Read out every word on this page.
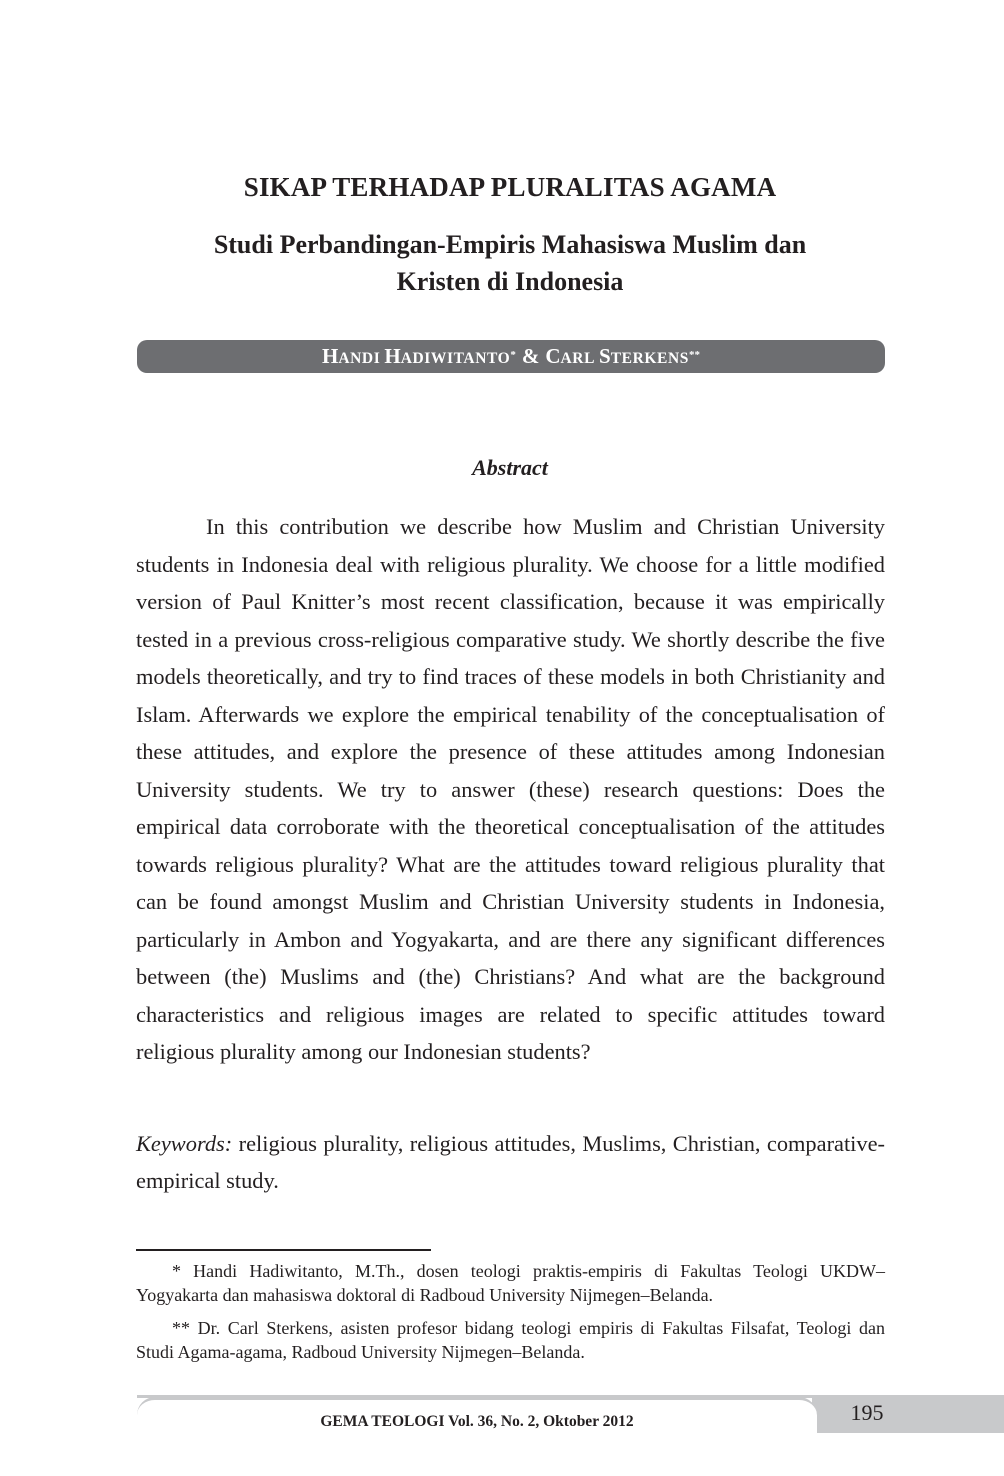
SIKAP TERHADAP PLURALITAS AGAMA
Studi Perbandingan-Empiris Mahasiswa Muslim dan
Kristen di Indonesia
HANDI HADIWITANTO* & CARL STERKENS**
Abstract

In this contribution we describe how Muslim and Christian University students in Indonesia deal with religious plurality. We choose for a little modified version of Paul Knitter’s most recent classification, because it was empirically tested in a previous cross-religious comparative study. We shortly describe the five models theoretically, and try to find traces of these models in both Christianity and Islam. Afterwards we explore the empirical tenability of the conceptualisation of these attitudes, and explore the presence of these attitudes among Indonesian University students. We try to answer (these) research questions: Does the empirical data corroborate with the theoretical conceptualisation of the attitudes towards religious plurality? What are the attitudes toward religious plurality that can be found amongst Muslim and Christian University students in Indonesia, particularly in Ambon and Yogyakarta, and are there any significant differences between (the) Muslims and (the) Christians? And what are the background characteristics and religious images are related to specific attitudes toward religious plurality among our Indonesian students?

Keywords: religious plurality, religious attitudes, Muslims, Christian, comparative-empirical study.

* Handi Hadiwitanto, M.Th., dosen teologi praktis-empiris di Fakultas Teologi UKDW–Yogyakarta dan mahasiswa doktoral di Radboud University Nijmegen–Belanda.

** Dr. Carl Sterkens, asisten profesor bidang teologi empiris di Fakultas Filsafat, Teologi dan Studi Agama-agama, Radboud University Nijmegen–Belanda.

GEMA TEOLOGI Vol. 36, No. 2, Oktober 2012	195
